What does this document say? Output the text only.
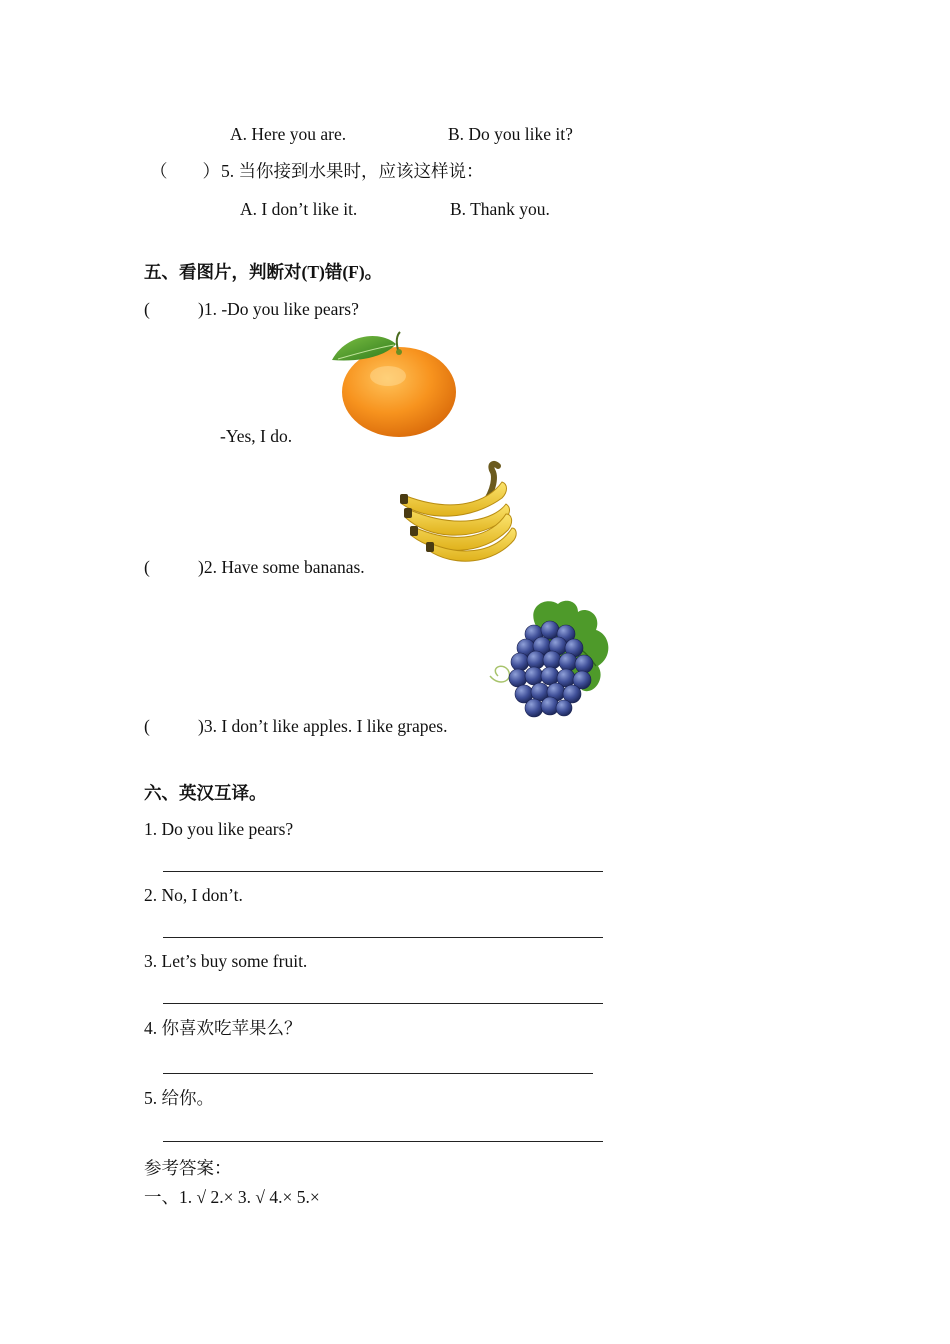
A. Here you are.	B. Do you like it?
（　　） 5. 当你接到水果时，应该这样说：
A. I don’t like it.	B. Thank you.
五、看图片，判断对(T)错(F)。
(	)1. -Do you like pears?
-Yes, I do.
(	)2. Have some bananas.
(	)3. I don’t like apples. I like grapes.
六、英汉互译。
1. Do you like pears?
2. No, I don’t.
3. Let’s buy some fruit.
4. 你喜欢吃苹果么？
5. 给你。
参考答案：
一、1. √ 2.× 3. √ 4.× 5.×
